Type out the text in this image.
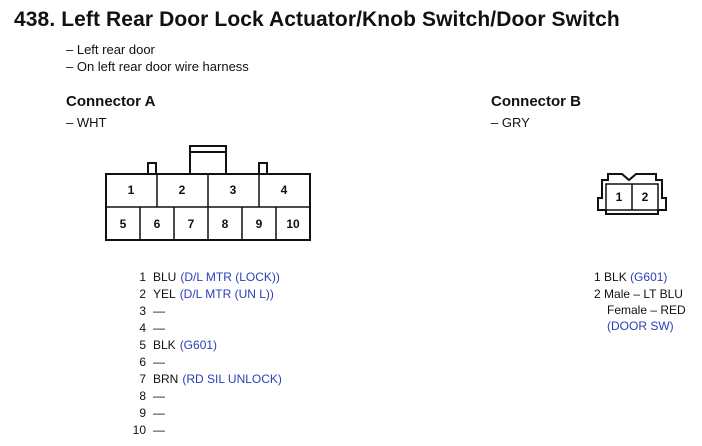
438. Left Rear Door Lock Actuator/Knob Switch/Door Switch
– Left rear door
– On left rear door wire harness
Connector A
– WHT
Connector B
– GRY
1	2	3	4
5 6 7 8 9 10
1 2
1 BLU (D/L MTR (LOCK))
2 YEL (D/L MTR (UN L))
3 —
4 —
5 BLK (G601)
6 —
7 BRN (RD SIL UNLOCK)
8 —
9 —
10 —
1 BLK (G601)
2 Male – LT BLU
Female – RED
(DOOR SW)
